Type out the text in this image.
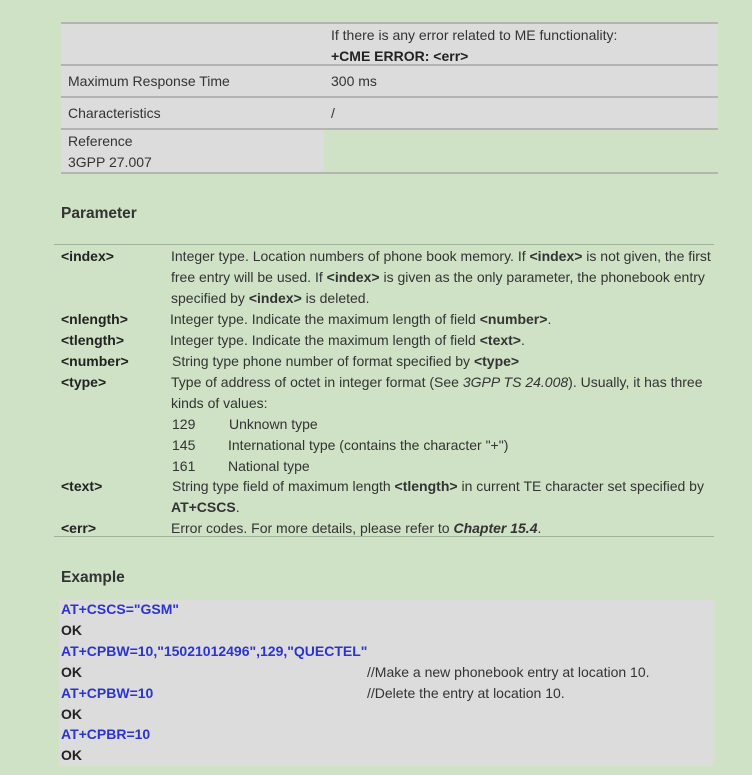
If there is any error related to ME functionality:
+CME ERROR: <err>
Maximum Response Time	300 ms
Characteristics	/
Reference
3GPP 27.007
Parameter
<index>	Integer type. Location numbers of phone book memory. If <index> is not given, the first
free entry will be used. If <index> is given as the only parameter, the phonebook entry
specified by <index> is deleted.
<nlength>	Integer type. Indicate the maximum length of field <number>.
<tlength>	Integer type. Indicate the maximum length of field <text>.
<number>	String type phone number of format specified by <type>
<type>	Type of address of octet in integer format (See 3GPP TS 24.008). Usually, it has three
kinds of values:
129 Unknown type
145 International type (contains the character "+")
161 National type
<text>	String type field of maximum length <tlength> in current TE character set specified by
AT+CSCS.
<err>	Error codes. For more details, please refer to Chapter 15.4.
Example
AT+CSCS="GSM"
OK
AT+CPBW=10,"15021012496",129,"QUECTEL"
OK	//Make a new phonebook entry at location 10.
AT+CPBW=10	//Delete the entry at location 10.
OK
AT+CPBR=10
OK
